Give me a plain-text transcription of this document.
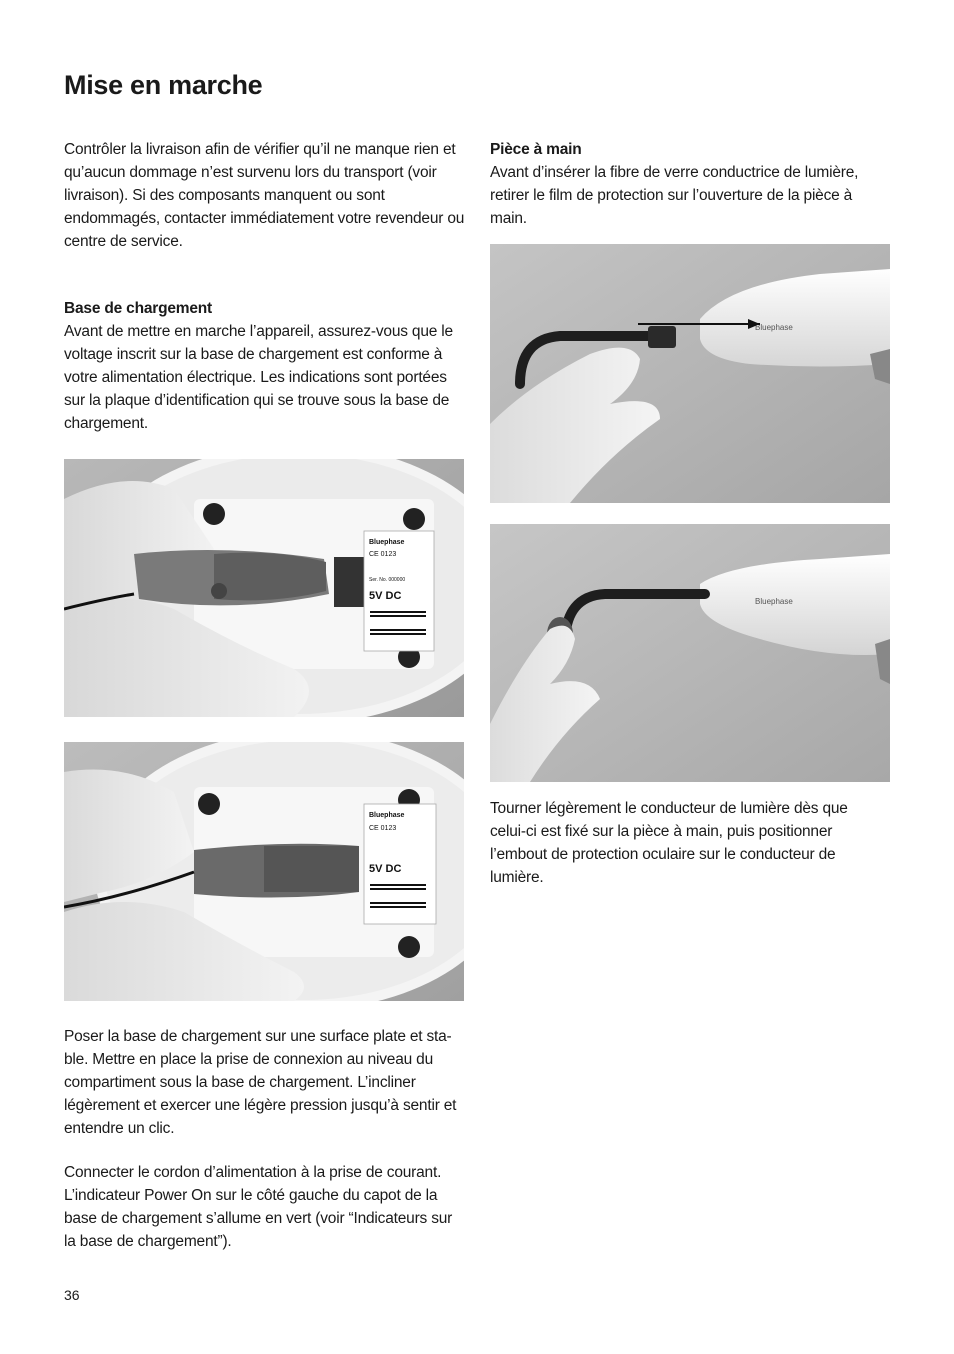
Mise en marche

Contrôler la livraison afin de vérifier qu’il ne manque rien et qu’aucun dommage n’est survenu lors du transport (voir livraison). Si des composants manquent ou sont endommagés, contacter immédiatement votre revendeur ou centre de service.

Base de chargement
Avant de mettre en marche l’appareil, assurez-vous que le voltage inscrit sur la base de chargement est conforme à votre alimentation électrique. Les indications sont portées sur la plaque d’identification qui se trouve sous la base de chargement.

Bluephase
CE 0123
Ser. No. 000000
5V DC
Bluephase
CE 0123
5V DC

Poser la base de chargement sur une surface plate et sta-ble. Mettre en place la prise de connexion au niveau du compartiment sous la base de chargement. L’incliner légèrement et exercer une légère pression jusqu’à sentir et entendre un clic.

Connecter le cordon d’alimentation à la prise de courant. L’indicateur Power On sur le côté gauche du capot de la base de chargement s’allume en vert (voir “Indicateurs sur la base de chargement”).

Pièce à main
Avant d’insérer la fibre de verre conductrice de lumière, retirer le film de protection sur l’ouverture de la pièce à main.

Bluephase
Bluephase

Tourner légèrement le conducteur de lumière dès que celui-ci est fixé sur la pièce à main, puis positionner l’embout de protection oculaire sur le conducteur de lumière.

36
